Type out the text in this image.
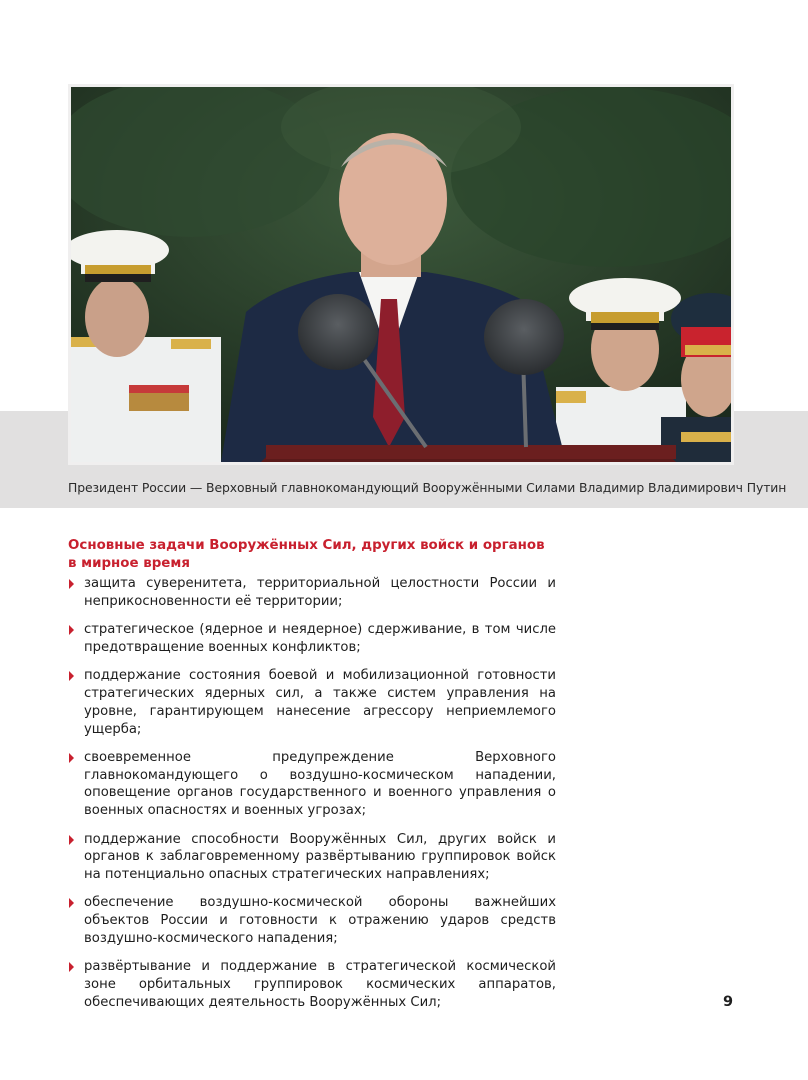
Президент России — Верховный главнокомандующий Вооружёнными Силами Владимир Владимирович Путин
Основные задачи Вооружённых Сил, других войск и органов
в мирное время
защита суверенитета, территориальной целостности России и неприкосновенности её территории;
стратегическое (ядерное и неядерное) сдерживание, в том числе предотвращение военных конфликтов;
поддержание состояния боевой и мобилизационной готовности стратегических ядерных сил, а также систем управления на уровне, гарантирующем нанесение агрессору неприемлемого ущерба;
своевременное предупреждение Верховного главнокомандующего о воздушно-космическом нападении, оповещение органов государственного и военного управления о военных опасностях и военных угрозах;
поддержание способности Вооружённых Сил, других войск и органов к заблаговременному развёртыванию группировок войск на потенциально опасных стратегических направлениях;
обеспечение воздушно-космической обороны важнейших объектов России и готовности к отражению ударов средств воздушно-космического нападения;
развёртывание и поддержание в стратегической космической зоне орбитальных группировок космических аппаратов, обеспечивающих деятельность Вооружённых Сил;	9
